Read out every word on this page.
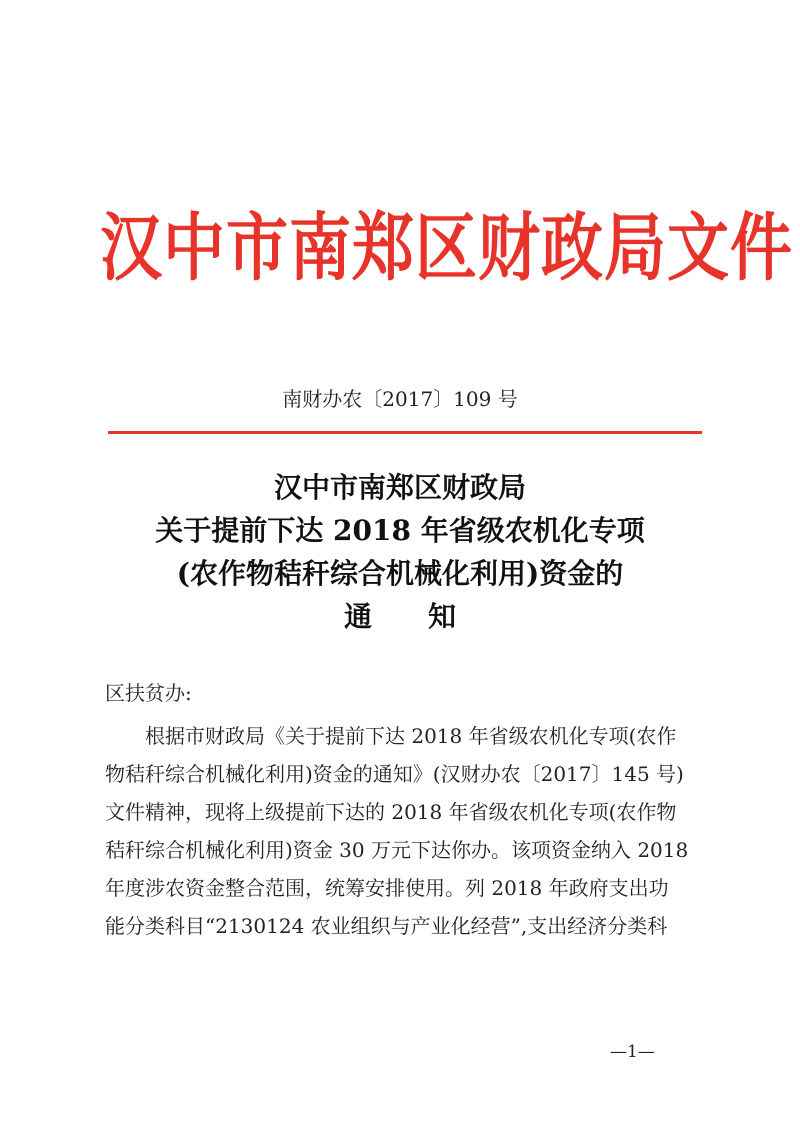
汉中市南郑区财政局文件
南财办农〔2017〕109 号
汉中市南郑区财政局
关于提前下达 2018 年省级农机化专项
(农作物秸秆综合机械化利用)资金的
通知
区扶贫办:
根据市财政局《关于提前下达 2018 年省级农机化专项(农作
物秸秆综合机械化利用)资金的通知》(汉财办农〔2017〕145 号)
文件精神，现将上级提前下达的 2018 年省级农机化专项(农作物
秸秆综合机械化利用)资金 30 万元下达你办。该项资金纳入 2018
年度涉农资金整合范围，统筹安排使用。列 2018 年政府支出功
能分类科目“2130124 农业组织与产业化经营”,支出经济分类科
—1—
